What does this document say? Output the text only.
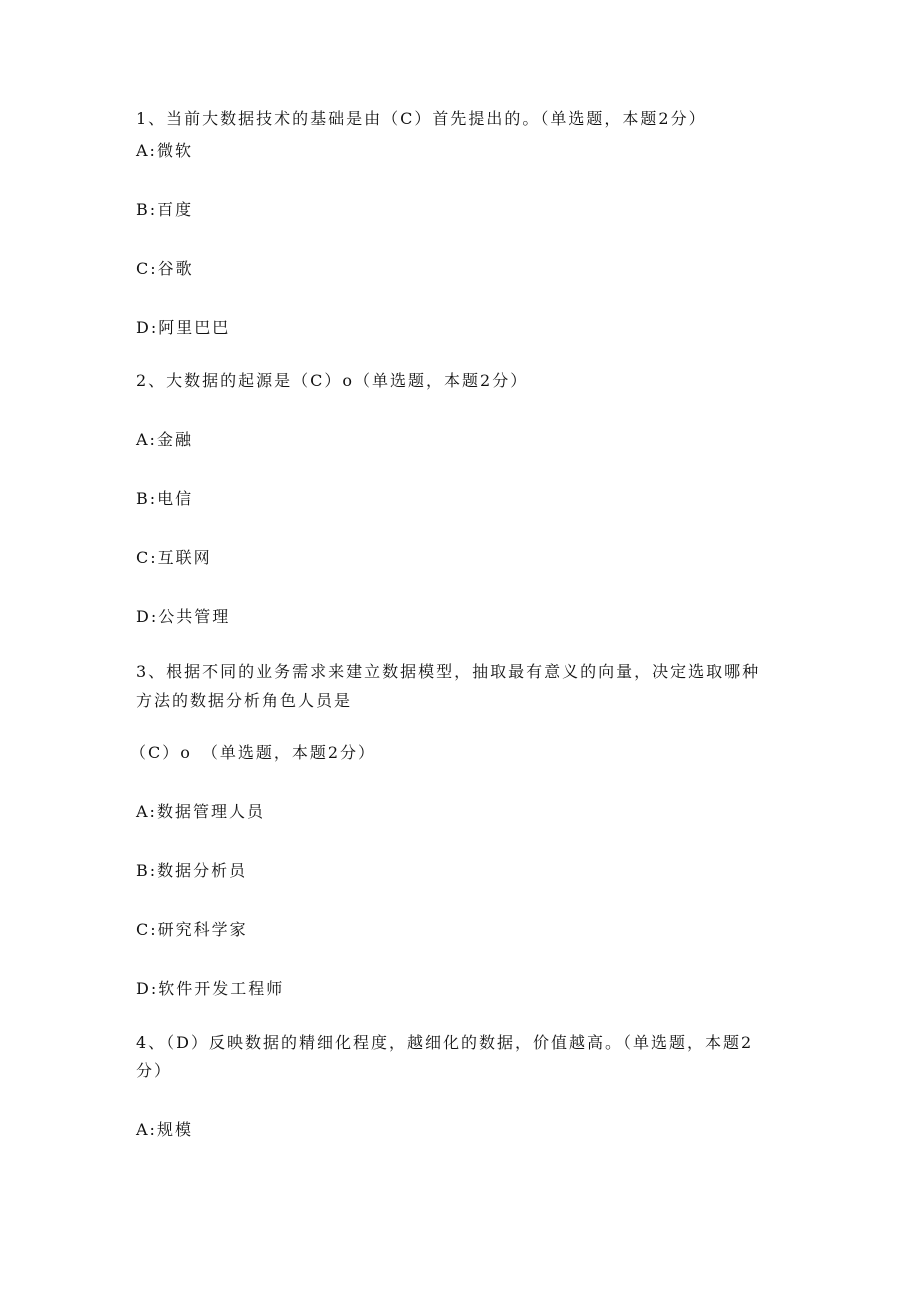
1、当前大数据技术的基础是由（C）首先提出的。（单选题，本题2分）
A:微软
B:百度
C:谷歌
D:阿里巴巴
2、大数据的起源是（C）o（单选题，本题2分）
A:金融
B:电信
C:互联网
D:公共管理
3、根据不同的业务需求来建立数据模型，抽取最有意义的向量，决定选取哪种
方法的数据分析角色人员是
（C）o　（单选题，本题2分）
A:数据管理人员
B:数据分析员
C:研究科学家
D:软件开发工程师
4、（D）反映数据的精细化程度，越细化的数据，价值越高。（单选题，本题2
分）
A:规模
